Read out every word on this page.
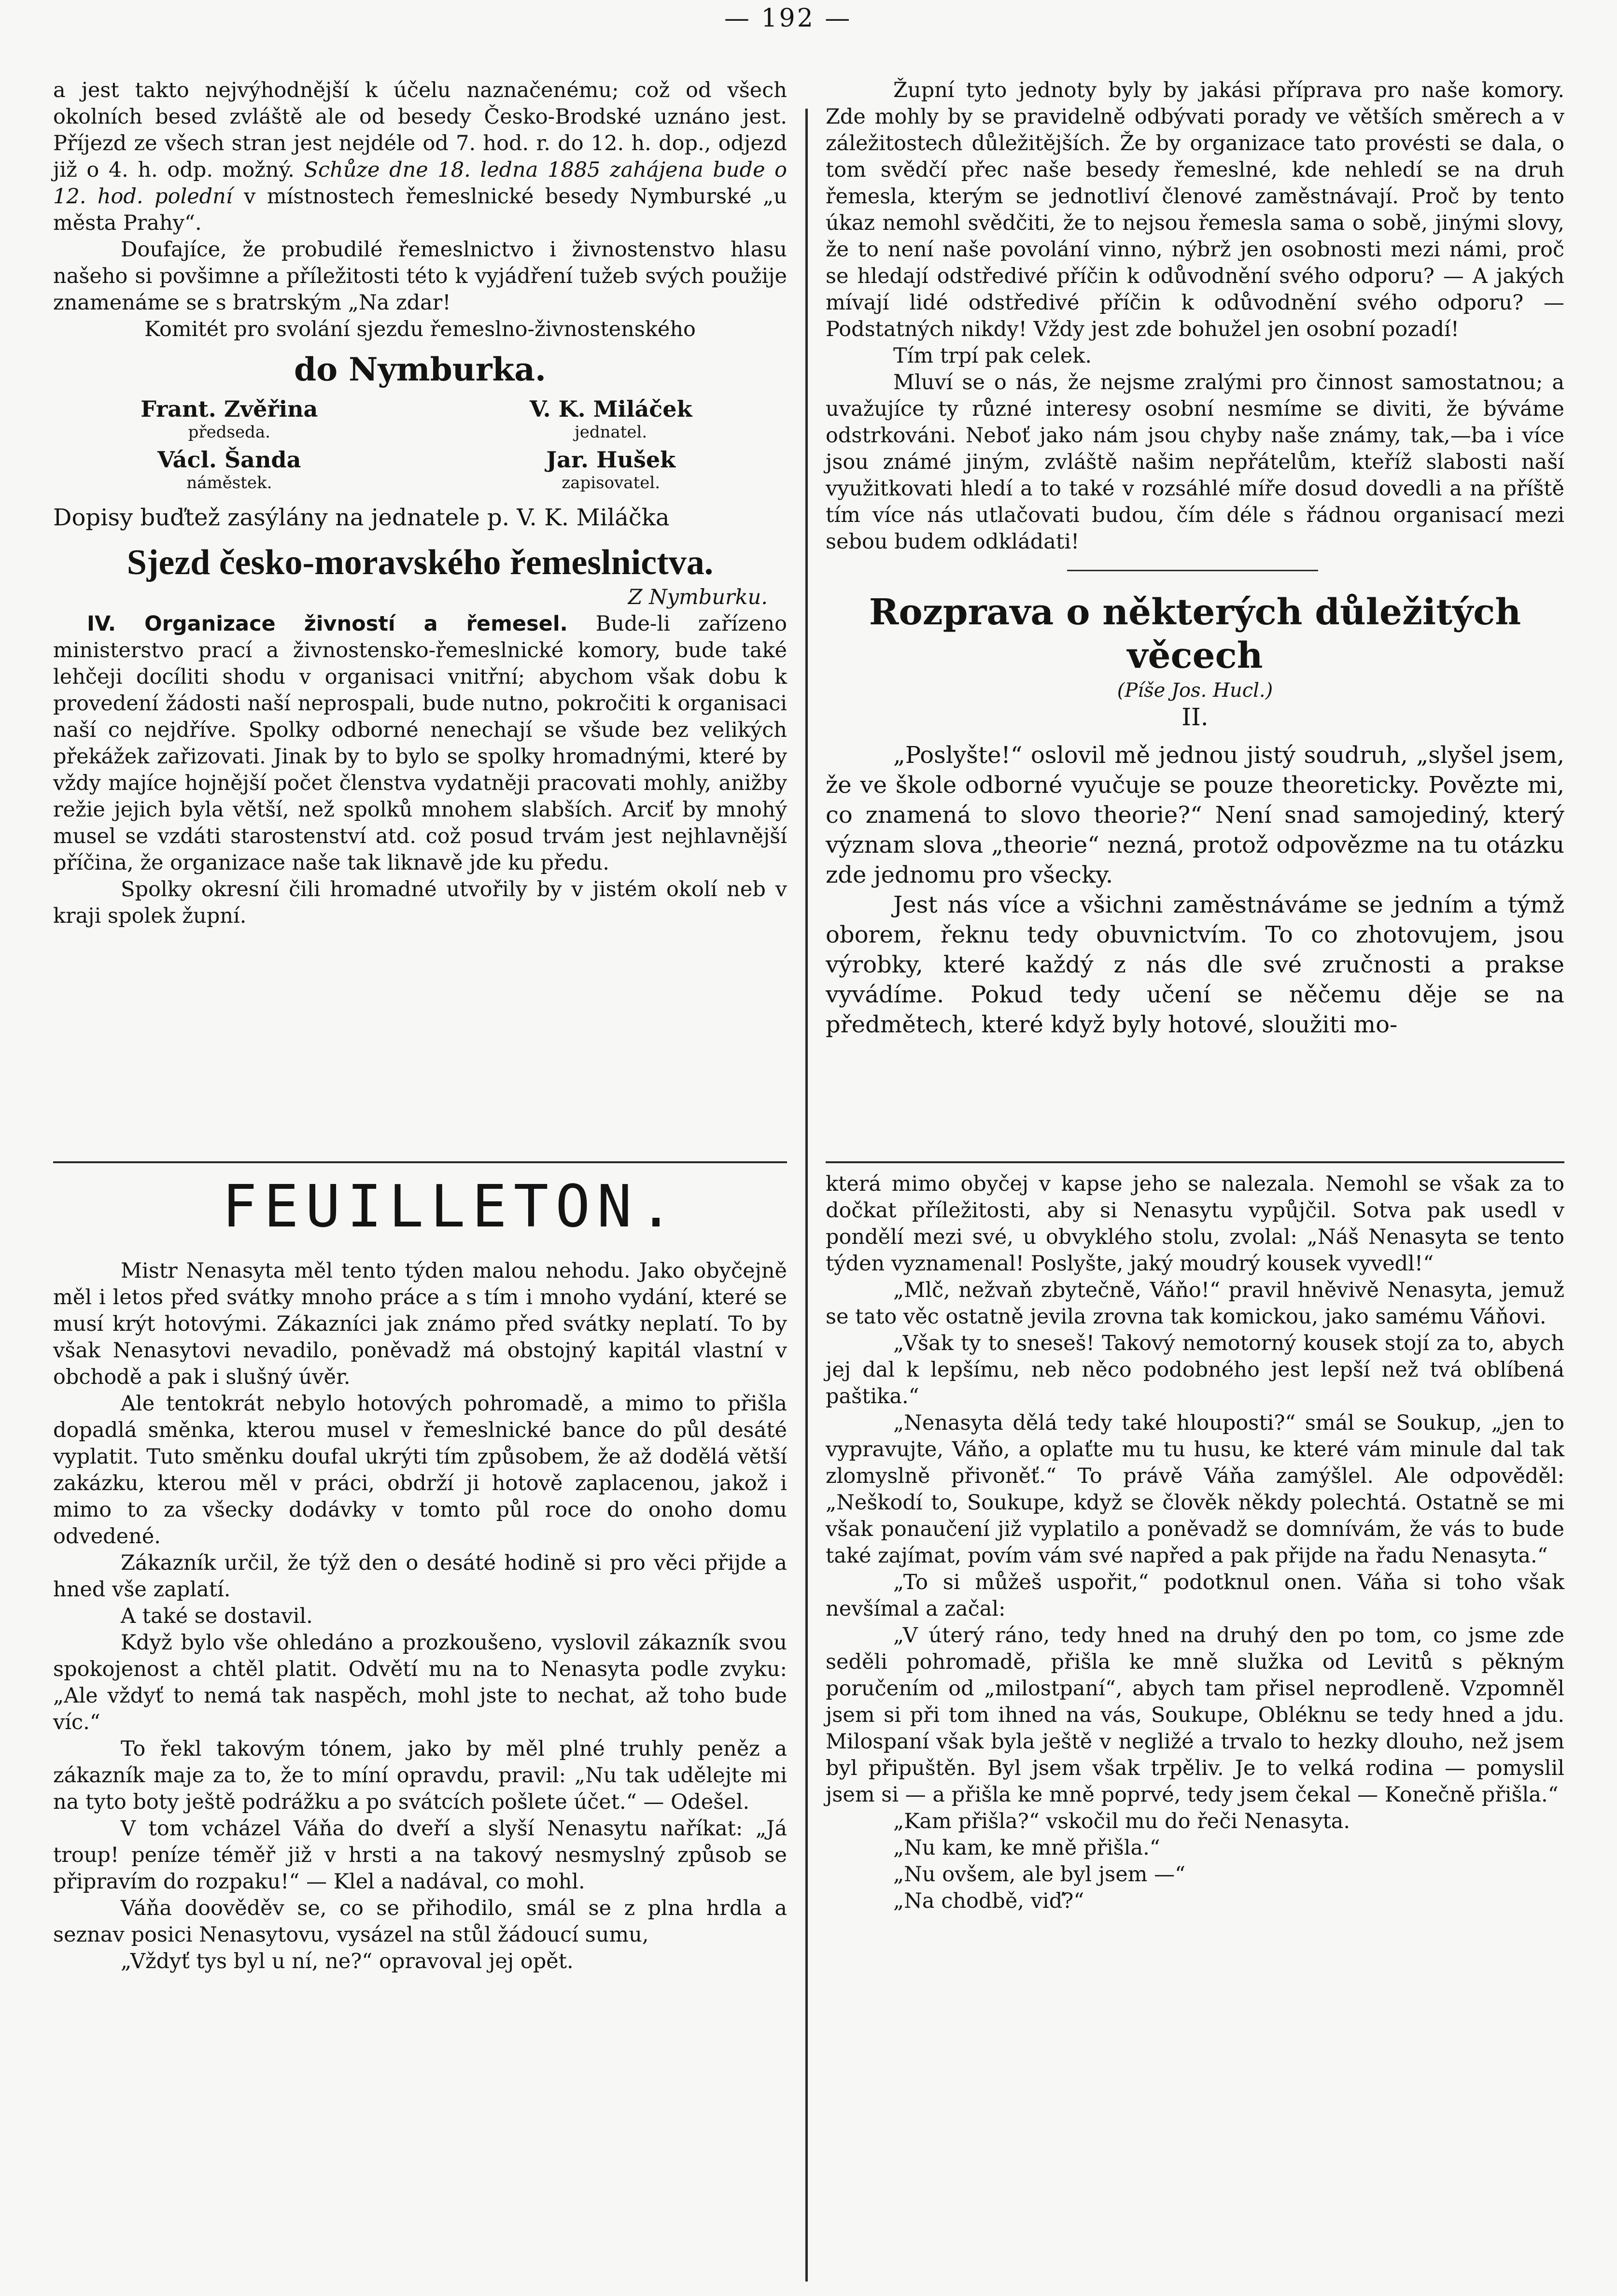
— 192 —

a jest takto nejvýhodnější k účelu naznačenému; což od všech okolních besed zvláště ale od besedy Česko-Brodské uznáno jest. Příjezd ze všech stran jest nejdéle od 7. hod. r. do 12. h. dop., odjezd již o 4. h. odp. možný. Schůze dne 18. ledna 1885 zahájena bude o 12. hod. polední v místnostech řemeslnické besedy Nymburské „u města Prahy“.

Doufajíce, že probudilé řemeslnictvo i živnostenstvo hlasu našeho si povšimne a příležitosti této k vyjádření tužeb svých použije znamenáme se s bratrským „Na zdar!

Komitét pro svolání sjezdu řemeslno-živnostenského

do Nymburka.

Frant. Zvěřina
předseda.
V. K. Miláček
jednatel.
Václ. Šanda
náměstek.
Jar. Hušek
zapisovatel.

Dopisy buďtež zasýlány na jednatele p. V. K. Miláčka

Sjezd česko-moravského řemeslnictva.

Z Nymburku.

IV. Organizace živností a řemesel. Bude-li zařízeno ministerstvo prací a živnostensko-řemeslnické komory, bude také lehčeji docíliti shodu v organisaci vnitřní; abychom však dobu k provedení žádosti naší neprospali, bude nutno, pokročiti k organisaci naší co nejdříve. Spolky odborné nenechají se všude bez velikých překážek zařizovati. Jinak by to bylo se spolky hromadnými, které by vždy majíce hojnější počet členstva vydatněji pracovati mohly, anižby režie jejich byla větší, než spolků mnohem slabších. Arciť by mnohý musel se vzdáti starostenství atd. což posud trvám jest nejhlavnější příčina, že organizace naše tak liknavě jde ku předu.

Spolky okresní čili hromadné utvořily by v jistém okolí neb v kraji spolek župní.

FEUILLETON.

Mistr Nenasyta měl tento týden malou nehodu. Jako obyčejně měl i letos před svátky mnoho práce a s tím i mnoho vydání, které se musí krýt hotovými. Zákazníci jak známo před svátky neplatí. To by však Nenasytovi nevadilo, poněvadž má obstojný kapitál vlastní v obchodě a pak i slušný úvěr.

Ale tentokrát nebylo hotových pohromadě, a mimo to přišla dopadlá směnka, kterou musel v řemeslnické bance do půl desáté vyplatit. Tuto směnku doufal ukrýti tím způsobem, že až dodělá větší zakázku, kterou měl v práci, obdrží ji hotově zaplacenou, jakož i mimo to za všecky dodávky v tomto půl roce do onoho domu odvedené.

Zákazník určil, že týž den o desáté hodině si pro věci přijde a hned vše zaplatí.

A také se dostavil.

Když bylo vše ohledáno a prozkoušeno, vyslovil zákazník svou spokojenost a chtěl platit. Odvětí mu na to Nenasyta podle zvyku: „Ale vždyť to nemá tak naspěch, mohl jste to nechat, až toho bude víc.“

To řekl takovým tónem, jako by měl plné truhly peněz a zákazník maje za to, že to míní opravdu, pravil: „Nu tak udělejte mi na tyto boty ještě podrážku a po svátcích pošlete účet.“ — Odešel.

V tom vcházel Váňa do dveří a slyší Nenasytu naříkat: „Já troup! peníze téměř již v hrsti a na takový nesmyslný způsob se připravím do rozpaku!“ — Klel a nadával, co mohl.

Váňa doověděv se, co se přihodilo, smál se z plna hrdla a seznav posici Nenasytovu, vysázel na stůl žádoucí sumu,

„Vždyť tys byl u ní, ne?“ opravoval jej opět.

Župní tyto jednoty byly by jakási příprava pro naše komory. Zde mohly by se pravidelně odbývati porady ve větších směrech a v záležitostech důležitějších. Že by organizace tato provésti se dala, o tom svědčí přec naše besedy řemeslné, kde nehledí se na druh řemesla, kterým se jednotliví členové zaměstnávají. Proč by tento úkaz nemohl svědčiti, že to nejsou řemesla sama o sobě, jinými slovy, že to není naše povolání vinno, nýbrž jen osobnosti mezi námi, proč se hledají odstředivé příčin k odůvodnění svého odporu? — A jakých mívají lidé odstředivé příčin k odůvodnění svého odporu? — Podstatných nikdy! Vždy jest zde bohužel jen osobní pozadí!

Tím trpí pak celek.

Mluví se o nás, že nejsme zralými pro činnost samostatnou; a uvažujíce ty různé interesy osobní nesmíme se diviti, že býváme odstrkováni. Neboť jako nám jsou chyby naše známy, tak,—ba i více jsou známé jiným, zvláště našim nepřátelům, kteříž slabosti naší využitkovati hledí a to také v rozsáhlé míře dosud dovedli a na příště tím více nás utlačovati budou, čím déle s řádnou organisací mezi sebou budem odkládati!

Rozprava o některých důležitých věcech

(Píše Jos. Hucl.)

II.

„Poslyšte!“ oslovil mě jednou jistý soudruh, „slyšel jsem, že ve škole odborné vyučuje se pouze theoreticky. Povězte mi, co znamená to slovo theorie?“ Není snad samojediný, který význam slova „theorie“ nezná, protož odpovězme na tu otázku zde jednomu pro všecky.

Jest nás více a všichni zaměstnáváme se jedním a týmž oborem, řeknu tedy obuvnictvím. To co zhotovujem, jsou výrobky, které každý z nás dle své zručnosti a prakse vyvádíme. Pokud tedy učení se něčemu děje se na předmětech, které když byly hotové, sloužiti mo-

která mimo obyčej v kapse jeho se nalezala. Nemohl se však za to dočkat příležitosti, aby si Nenasytu vypůjčil. Sotva pak usedl v pondělí mezi své, u obvyklého stolu, zvolal: „Náš Nenasyta se tento týden vyznamenal! Poslyšte, jaký moudrý kousek vyvedl!“

„Mlč, nežvaň zbytečně, Váňo!“ pravil hněvivě Nenasyta, jemuž se tato věc ostatně jevila zrovna tak komickou, jako samému Váňovi.

„Však ty to sneseš! Takový nemotorný kousek stojí za to, abych jej dal k lepšímu, neb něco podobného jest lepší než tvá oblíbená paštika.“

„Nenasyta dělá tedy také hlouposti?“ smál se Soukup, „jen to vypravujte, Váňo, a oplaťte mu tu husu, ke které vám minule dal tak zlomyslně přivoněť.“ To právě Váňa zamýšlel. Ale odpověděl: „Neškodí to, Soukupe, když se člověk někdy polechtá. Ostatně se mi však ponaučení již vyplatilo a poněvadž se domnívám, že vás to bude také zajímat, povím vám své napřed a pak přijde na řadu Nenasyta.“

„To si můžeš uspořit,“ podotknul onen. Váňa si toho však nevšímal a začal:

„V úterý ráno, tedy hned na druhý den po tom, co jsme zde seděli pohromadě, přišla ke mně služka od Levitů s pěkným poručením od „milostpaní“, abych tam přisel neprodleně. Vzpomněl jsem si při tom ihned na vás, Soukupe, Obléknu se tedy hned a jdu. Milospaní však byla ještě v negližé a trvalo to hezky dlouho, než jsem byl připuštěn. Byl jsem však trpěliv. Je to velká rodina — pomyslil jsem si — a přišla ke mně poprvé, tedy jsem čekal — Konečně přišla.“

„Kam přišla?“ vskočil mu do řeči Nenasyta.

„Nu kam, ke mně přišla.“

„Nu ovšem, ale byl jsem —“

„Na chodbě, viď?“
